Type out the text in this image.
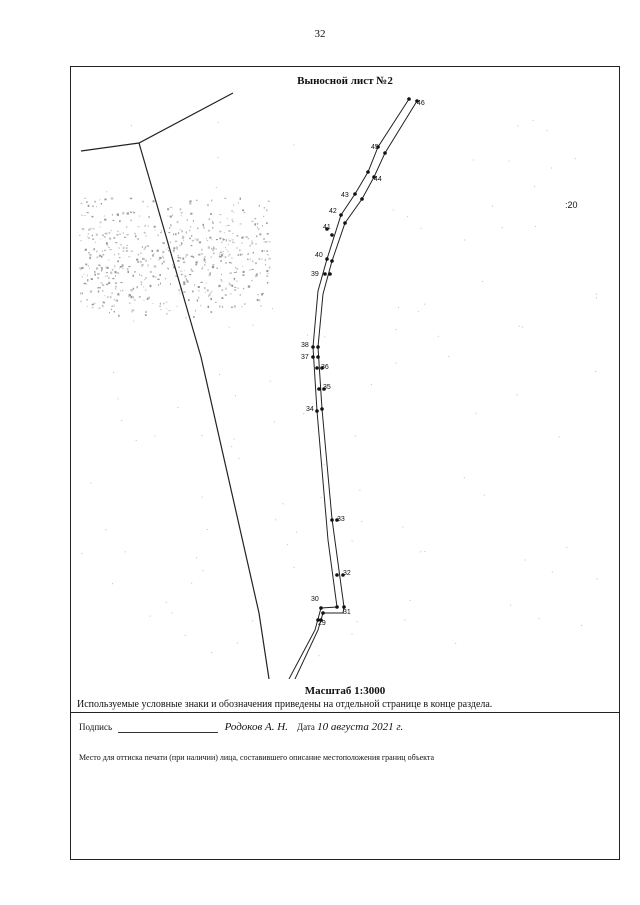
32
46
45
44
43
42
41
40
39
38
37
36
35
34
33
32
31
30
29
Выносной лист №2
:20
Масштаб 1:3000
Используемые условные знаки и обозначения приведены на отдельной странице в конце раздела.
Подпись	Родоков А. Н. Дата 10 августа 2021 г.
Место для оттиска печати (при наличии) лица, составившего описание местоположения границ объекта
